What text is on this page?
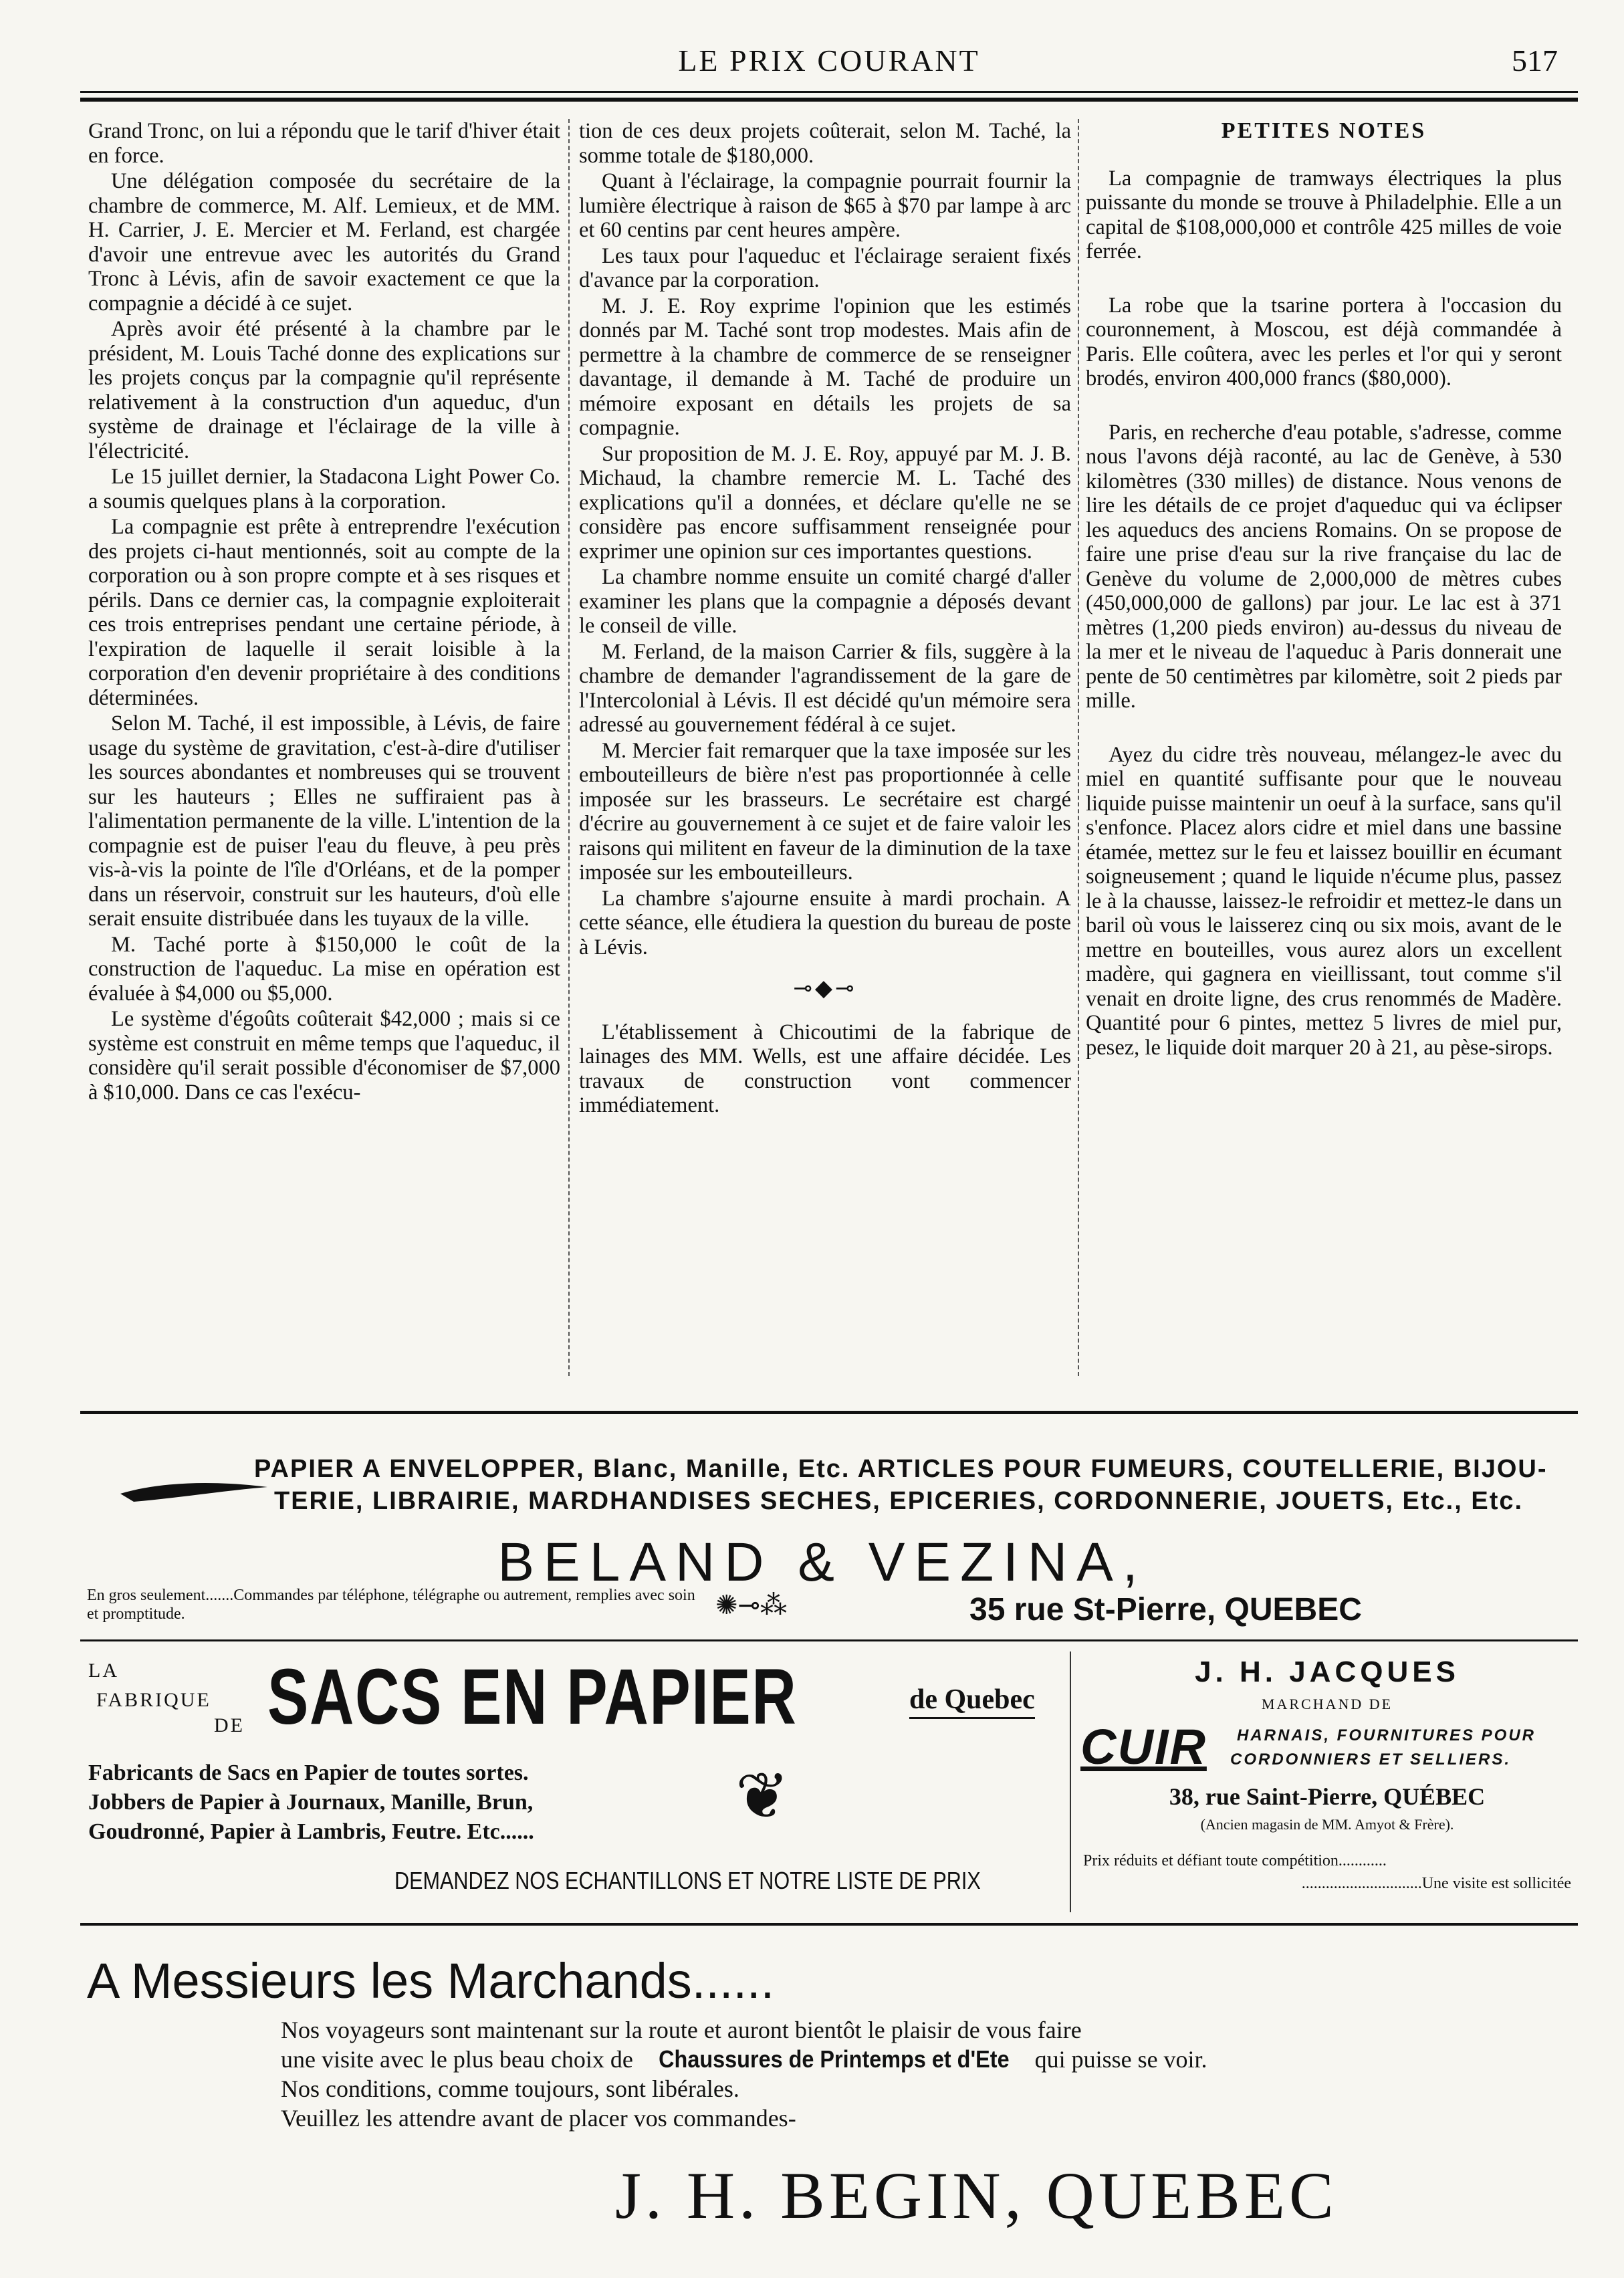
LE PRIX COURANT	517

Grand Tronc, on lui a répondu que le tarif d'hiver était en force.

Une délégation composée du secrétaire de la chambre de commerce, M. Alf. Lemieux, et de MM. H. Carrier, J. E. Mercier et M. Ferland, est chargée d'avoir une entrevue avec les autorités du Grand Tronc à Lévis, afin de savoir exactement ce que la compagnie a décidé à ce sujet.

Après avoir été présenté à la chambre par le président, M. Louis Taché donne des explications sur les projets conçus par la compagnie qu'il représente relativement à la construction d'un aqueduc, d'un système de drainage et l'éclairage de la ville à l'électricité.

Le 15 juillet dernier, la Stadacona Light Power Co. a soumis quelques plans à la corporation.

La compagnie est prête à entreprendre l'exécution des projets ci-haut mentionnés, soit au compte de la corporation ou à son propre compte et à ses risques et périls. Dans ce dernier cas, la compagnie exploiterait ces trois entreprises pendant une certaine période, à l'expiration de laquelle il serait loisible à la corporation d'en devenir propriétaire à des conditions déterminées.

Selon M. Taché, il est impossible, à Lévis, de faire usage du système de gravitation, c'est-à-dire d'utiliser les sources abondantes et nombreuses qui se trouvent sur les hauteurs ; Elles ne suffiraient pas à l'alimentation permanente de la ville. L'intention de la compagnie est de puiser l'eau du fleuve, à peu près vis-à-vis la pointe de l'île d'Orléans, et de la pomper dans un réservoir, construit sur les hauteurs, d'où elle serait ensuite distribuée dans les tuyaux de la ville.

M. Taché porte à $150,000 le coût de la construction de l'aqueduc. La mise en opération est évaluée à $4,000 ou $5,000.

Le système d'égoûts coûterait $42,000 ; mais si ce système est construit en même temps que l'aqueduc, il considère qu'il serait possible d'économiser de $7,000 à $10,000. Dans ce cas l'exécu-

tion de ces deux projets coûterait, selon M. Taché, la somme totale de $180,000.

Quant à l'éclairage, la compagnie pourrait fournir la lumière électrique à raison de $65 à $70 par lampe à arc et 60 centins par cent heures ampère.

Les taux pour l'aqueduc et l'éclairage seraient fixés d'avance par la corporation.

M. J. E. Roy exprime l'opinion que les estimés donnés par M. Taché sont trop modestes. Mais afin de permettre à la chambre de commerce de se renseigner davantage, il demande à M. Taché de produire un mémoire exposant en détails les projets de sa compagnie.

Sur proposition de M. J. E. Roy, appuyé par M. J. B. Michaud, la chambre remercie M. L. Taché des explications qu'il a données, et déclare qu'elle ne se considère pas encore suffisamment renseignée pour exprimer une opinion sur ces importantes questions.

La chambre nomme ensuite un comité chargé d'aller examiner les plans que la compagnie a déposés devant le conseil de ville.

M. Ferland, de la maison Carrier & fils, suggère à la chambre de demander l'agrandissement de la gare de l'Intercolonial à Lévis. Il est décidé qu'un mémoire sera adressé au gouvernement fédéral à ce sujet.

M. Mercier fait remarquer que la taxe imposée sur les embouteilleurs de bière n'est pas proportionnée à celle imposée sur les brasseurs. Le secrétaire est chargé d'écrire au gouvernement à ce sujet et de faire valoir les raisons qui militent en faveur de la diminution de la taxe imposée sur les embouteilleurs.

La chambre s'ajourne ensuite à mardi prochain. A cette séance, elle étudiera la question du bureau de poste à Lévis.

⊸◆⊸

L'établissement à Chicoutimi de la fabrique de lainages des MM. Wells, est une affaire décidée. Les travaux de construction vont commencer immédiatement.

PETITES NOTES

La compagnie de tramways électriques la plus puissante du monde se trouve à Philadelphie. Elle a un capital de $108,000,000 et contrôle 425 milles de voie ferrée.

La robe que la tsarine portera à l'occasion du couronnement, à Moscou, est déjà commandée à Paris. Elle coûtera, avec les perles et l'or qui y seront brodés, environ 400,000 francs ($80,000).

Paris, en recherche d'eau potable, s'adresse, comme nous l'avons déjà raconté, au lac de Genève, à 530 kilomètres (330 milles) de distance. Nous venons de lire les détails de ce projet d'aqueduc qui va éclipser les aqueducs des anciens Romains. On se propose de faire une prise d'eau sur la rive française du lac de Genève du volume de 2,000,000 de mètres cubes (450,000,000 de gallons) par jour. Le lac est à 371 mètres (1,200 pieds environ) au-dessus du niveau de la mer et le niveau de l'aqueduc à Paris donnerait une pente de 50 centimètres par kilomètre, soit 2 pieds par mille.

Ayez du cidre très nouveau, mélangez-le avec du miel en quantité suffisante pour que le nouveau liquide puisse maintenir un oeuf à la surface, sans qu'il s'enfonce. Placez alors cidre et miel dans une bassine étamée, mettez sur le feu et laissez bouillir en écumant soigneusement ; quand le liquide n'écume plus, passez le à la chausse, laissez-le refroidir et mettez-le dans un baril où vous le laisserez cinq ou six mois, avant de le mettre en bouteilles, vous aurez alors un excellent madère, qui gagnera en vieillissant, tout comme s'il venait en droite ligne, des crus renommés de Madère. Quantité pour 6 pintes, mettez 5 livres de miel pur, pesez, le liquide doit marquer 20 à 21, au pèse-sirops.

PAPIER A ENVELOPPER, Blanc, Manille, Etc. ARTICLES POUR FUMEURS, COUTELLERIE, BIJOU-
TERIE, LIBRAIRIE, MARDHANDISES SECHES, EPICERIES, CORDONNERIE, JOUETS, Etc., Etc.
BELAND & VEZINA,
En gros seulement.......Commandes par téléphone, télégraphe ou autrement, remplies avec soin et promptitude.	✺⊸⁂	35 rue St-Pierre, QUEBEC
LA
FABRIQUE
DE SACS EN PAPIER	de Quebec
Fabricants de Sacs en Papier de toutes sortes.
Jobbers de Papier à Journaux, Manille, Brun,
Goudronné, Papier à Lambris, Feutre. Etc......	❦
DEMANDEZ NOS ECHANTILLONS ET NOTRE LISTE DE PRIX
J. H. JACQUES
MARCHAND DE
CUIR HARNAIS, FOURNITURES POUR
CORDONNIERS ET SELLIERS.
38, rue Saint-Pierre, QUÉBEC
(Ancien magasin de MM. Amyot & Frère).
Prix réduits et défiant toute compétition............
..............................Une visite est sollicitée
A Messieurs les Marchands......

Nos voyageurs sont maintenant sur la route et auront bientôt le plaisir de vous faire

une visite avec le plus beau choix de Chaussures de Printemps et d'Ete qui puisse se voir.

Nos conditions, comme toujours, sont libérales.

Veuillez les attendre avant de placer vos commandes-

J. H. BEGIN, QUEBEC
